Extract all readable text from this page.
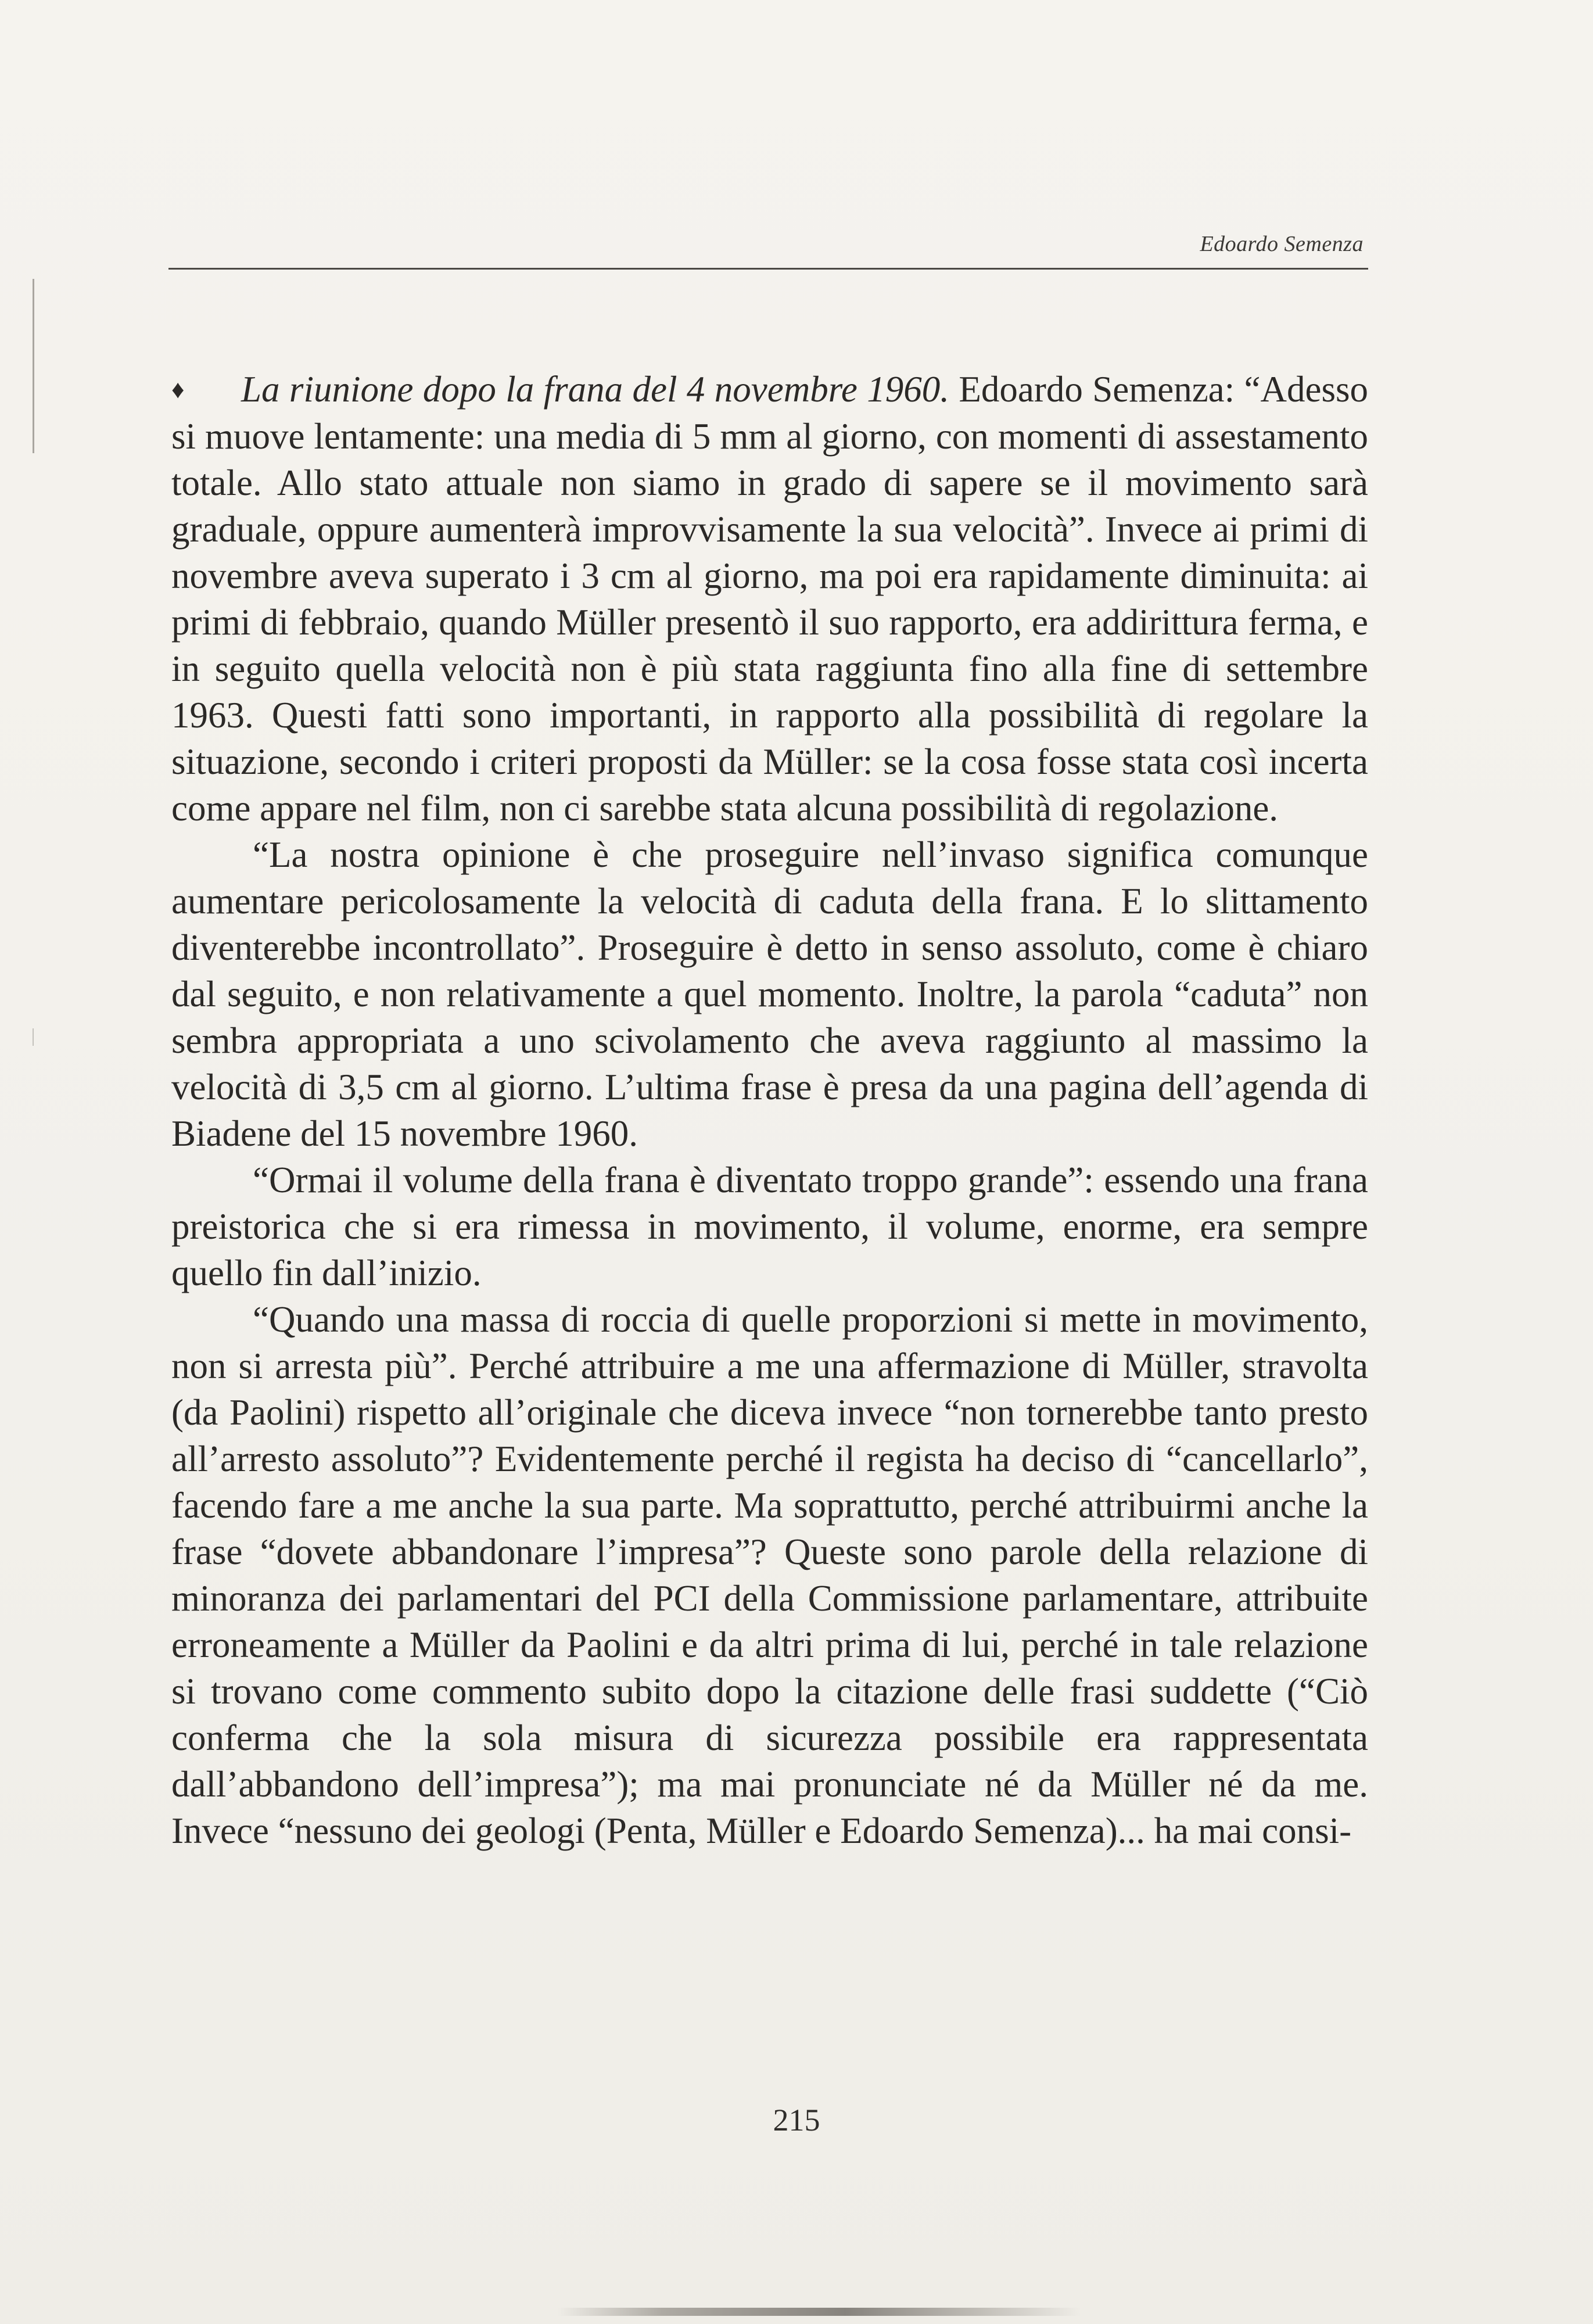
Edoardo Semenza

♦ La riunione dopo la frana del 4 novembre 1960. Edoardo Semenza: “Adesso si muove lentamente: una media di 5 mm al giorno, con momenti di assestamento totale. Allo stato attuale non siamo in grado di sapere se il movimento sarà graduale, oppure aumenterà improvvisamente la sua velocità”. Invece ai primi di novembre aveva superato i 3 cm al giorno, ma poi era rapidamente diminuita: ai primi di febbraio, quando Müller presentò il suo rapporto, era addirittura ferma, e in seguito quella velocità non è più stata raggiunta fino alla fine di settembre 1963. Questi fatti sono importanti, in rapporto alla possibilità di regolare la situazione, secondo i criteri proposti da Müller: se la cosa fosse stata così incerta come appare nel film, non ci sarebbe stata alcuna possibilità di regolazione.

“La nostra opinione è che proseguire nell’invaso significa comunque aumentare pericolosamente la velocità di caduta della frana. E lo slittamento diventerebbe incontrollato”. Proseguire è detto in senso assoluto, come è chiaro dal seguito, e non relativamente a quel momento. Inoltre, la parola “caduta” non sembra appropriata a uno scivolamento che aveva raggiunto al massimo la velocità di 3,5 cm al giorno. L’ultima frase è presa da una pagina dell’agenda di Biadene del 15 novembre 1960.

“Ormai il volume della frana è diventato troppo grande”: essendo una frana preistorica che si era rimessa in movimento, il volume, enorme, era sempre quello fin dall’inizio.

“Quando una massa di roccia di quelle proporzioni si mette in movimento, non si arresta più”. Perché attribuire a me una affermazione di Müller, stravolta (da Paolini) rispetto all’originale che diceva invece “non tornerebbe tanto presto all’arresto assoluto”? Evidentemente perché il regista ha deciso di “cancellarlo”, facendo fare a me anche la sua parte. Ma soprattutto, perché attribuirmi anche la frase “dovete abbandonare l’impresa”? Queste sono parole della relazione di minoranza dei parlamentari del PCI della Commissione parlamentare, attribuite erroneamente a Müller da Paolini e da altri prima di lui, perché in tale relazione si trovano come commento subito dopo la citazione delle frasi suddette (“Ciò conferma che la sola misura di sicurezza possibile era rappresentata dall’abbandono dell’impresa”); ma mai pronunciate né da Müller né da me. Invece “nessuno dei geologi (Penta, Müller e Edoardo Semenza)... ha mai consi-

215
